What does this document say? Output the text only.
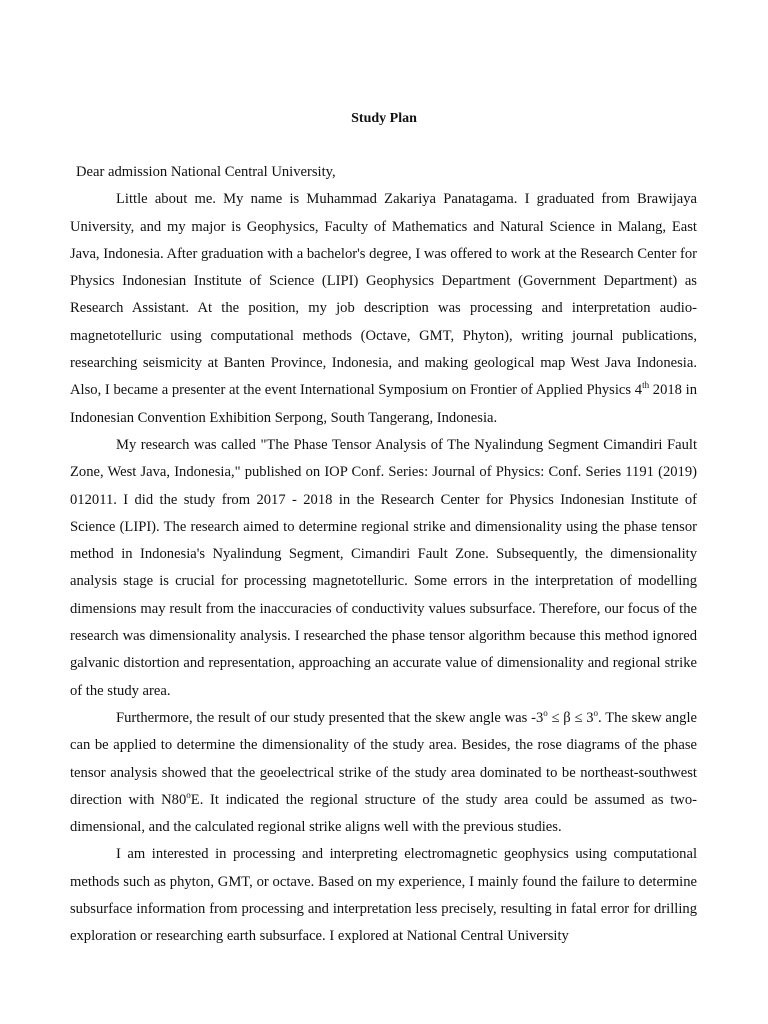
Study Plan

Dear admission National Central University,

Little about me. My name is Muhammad Zakariya Panatagama. I graduated from Brawijaya University, and my major is Geophysics, Faculty of Mathematics and Natural Science in Malang, East Java, Indonesia. After graduation with a bachelor's degree, I was offered to work at the Research Center for Physics Indonesian Institute of Science (LIPI) Geophysics Department (Government Department) as Research Assistant. At the position, my job description was processing and interpretation audio-magnetotelluric using computational methods (Octave, GMT, Phyton), writing journal publications, researching seismicity at Banten Province, Indonesia, and making geological map West Java Indonesia. Also, I became a presenter at the event International Symposium on Frontier of Applied Physics 4th 2018 in Indonesian Convention Exhibition Serpong, South Tangerang, Indonesia.

My research was called "The Phase Tensor Analysis of The Nyalindung Segment Cimandiri Fault Zone, West Java, Indonesia," published on IOP Conf. Series: Journal of Physics: Conf. Series 1191 (2019) 012011. I did the study from 2017 - 2018 in the Research Center for Physics Indonesian Institute of Science (LIPI). The research aimed to determine regional strike and dimensionality using the phase tensor method in Indonesia's Nyalindung Segment, Cimandiri Fault Zone. Subsequently, the dimensionality analysis stage is crucial for processing magnetotelluric. Some errors in the interpretation of modelling dimensions may result from the inaccuracies of conductivity values subsurface. Therefore, our focus of the research was dimensionality analysis. I researched the phase tensor algorithm because this method ignored galvanic distortion and representation, approaching an accurate value of dimensionality and regional strike of the study area.

Furthermore, the result of our study presented that the skew angle was $-3^o \le \beta \le 3^o$. The skew angle can be applied to determine the dimensionality of the study area. Besides, the rose diagrams of the phase tensor analysis showed that the geoelectrical strike of the study area dominated to be northeast-southwest direction with N80$^o$E. It indicated the regional structure of the study area could be assumed as two-dimensional, and the calculated regional strike aligns well with the previous studies.

I am interested in processing and interpreting electromagnetic geophysics using computational methods such as phyton, GMT, or octave. Based on my experience, I mainly found the failure to determine subsurface information from processing and interpretation less precisely, resulting in fatal error for drilling exploration or researching earth subsurface. I explored at National Central University
